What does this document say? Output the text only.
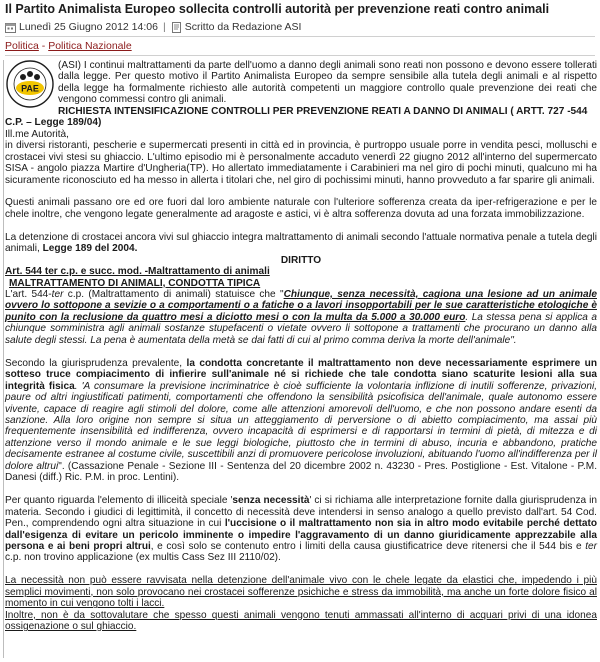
Il Partito Animalista Europeo sollecita controlli autorità per prevenzione reati contro animali
Lunedì 25 Giugno 2012 14:06 | Scritto da Redazione ASI
Politica - Politica Nazionale
PAE

(ASI) I continui maltrattamenti da parte dell'uomo a danno degli animali sono reati non possono e devono essere tollerati dalla legge. Per questo motivo il Partito Animalista Europeo da sempre sensibile alla tutela degli animali e al rispetto della legge ha formalmente richiesto alle autorità competenti un maggiore controllo quale prevenzione dei reati che vengono commessi contro gli animali.

RICHIESTA INTENSIFICAZIONE CONTROLLI PER PREVENZIONE REATI A DANNO DI ANIMALI ( ARTT. 727 -544

C.P. – Legge 189/04)

Ill.me Autorità,

in diversi ristoranti, pescherie e supermercati presenti in città ed in provincia, è purtroppo usuale porre in vendita pesci, molluschi e crostacei vivi stesi su ghiaccio. L'ultimo episodio mi è personalmente accaduto venerdì 22 giugno 2012 all'interno del supermercato SISA - angolo piazza Martire d'Ungheria(TP). Ho allertato immediatamente i Carabinieri ma nel giro di pochi minuti, qualcuno mi ha sicuramente riconosciuto ed ha messo in allerta i titolari che, nel giro di pochissimi minuti, hanno provveduto a far sparire gli animali.

Questi animali passano ore ed ore fuori dal loro ambiente naturale con l'ulteriore sofferenza creata da iper-refrigerazione e per le chele inoltre, che vengono legate generalmente ad aragoste e astici, vi è altra sofferenza dovuta ad una forzata immobilizzazione.

La detenzione di crostacei ancora vivi sul ghiaccio integra maltrattamento di animali secondo l'attuale normativa penale a tutela degli animali, Legge 189 del 2004.

DIRITTO

Art. 544 ter c.p. e succ. mod. -Maltrattamento di animali

MALTRATTAMENTO DI ANIMALI, CONDOTTA TIPICA

L'art. 544-ter c.p. (Maltrattamento di animali) statuisce che "Chiunque, senza necessità, cagiona una lesione ad un animale ovvero lo sottopone a sevizie o a comportamenti o a fatiche o a lavori insopportabili per le sue caratteristiche etologiche è punito con la reclusione da quattro mesi a diciotto mesi o con la multa da 5.000 a 30.000 euro. La stessa pena si applica a chiunque somministra agli animali sostanze stupefacenti o vietate ovvero li sottopone a trattamenti che procurano un danno alla salute degli stessi. La pena è aumentata della metà se dai fatti di cui al primo comma deriva la morte dell'animale".

Secondo la giurisprudenza prevalente, la condotta concretante il maltrattamento non deve necessariamente esprimere un sotteso truce compiacimento di infierire sull'animale né si richiede che tale condotta siano scaturite lesioni alla sua integrità fisica. 'A consumare la previsione incriminatrice è cioè sufficiente la volontaria inflizione di inutili sofferenze, privazioni, paure od altri ingiustificati patimenti, comportamenti che offendono la sensibilità psicofisica dell'animale, quale autonomo essere vivente, capace di reagire agli stimoli del dolore, come alle attenzioni amorevoli dell'uomo, e che non possono andare esenti da sanzione. Alla loro origine non sempre si situa un atteggiamento di perversione o di abietto compiacimento, ma assai più frequentemente insensibilità ed indifferenza, ovvero incapacità di esprimersi e di rapportarsi in termini di pietà, di mitezza e di attenzione verso il mondo animale e le sue leggi biologiche, piuttosto che in termini di abuso, incuria e abbandono, pratiche decisamente estranee al costume civile, suscettibili anzi di promuovere pericolose involuzioni, abituando l'uomo all'indifferenza per il dolore altrui". (Cassazione Penale - Sezione III - Sentenza del 20 dicembre 2002 n. 43230 - Pres. Postiglione - Est. Vitalone - P.M. Danesi (diff.) Ric. P.M. in proc. Lentini).

Per quanto riguarda l'elemento di illiceità speciale 'senza necessità' ci si richiama alle interpretazione fornite dalla giurisprudenza in materia. Secondo i giudici di legittimità, il concetto di necessità deve intendersi in senso analogo a quello previsto dall'art. 54 Cod. Pen., comprendendo ogni altra situazione in cui l'uccisione o il maltrattamento non sia in altro modo evitabile perché dettato dall'esigenza di evitare un pericolo imminente o impedire l'aggravamento di un danno giuridicamente apprezzabile alla persona e ai beni propri altrui, e così solo se contenuto entro i limiti della causa giustificatrice deve ritenersi che il 544 bis e ter c.p. non trovino applicazione (ex multis Cass Sez III 2110/02).

La necessità non può essere ravvisata nella detenzione dell'animale vivo con le chele legate da elastici che, impedendo i più semplici movimenti, non solo provocano nei crostacei sofferenze psichiche e stress da immobilità, ma anche un forte dolore fisico al momento in cui vengono tolti i lacci.

Inoltre, non è da sottovalutare che spesso questi animali vengono tenuti ammassati all'interno di acquari privi di una idonea ossigenazione o sul ghiaccio.
